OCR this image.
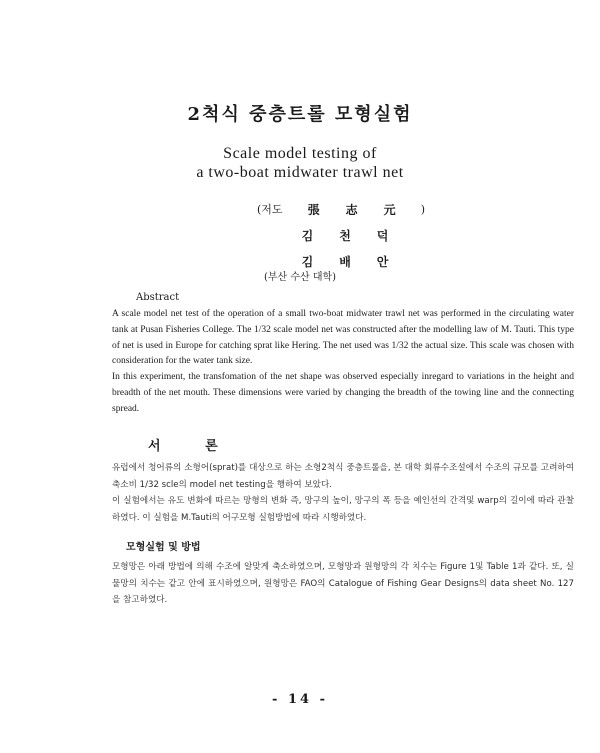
2척식 중층트롤 모형실험
Scale model testing of
a two-boat midwater trawl net
(저도 張 志 元 )
김 천 덕
김 배 안
(부산 수산 대학)
Abstract

A scale model net test of the operation of a small two-boat midwater trawl net was performed in the circulating water tank at Pusan Fisheries College. The 1/32 scale model net was constructed after the modelling law of M. Tauti. This type of net is used in Europe for catching sprat like Hering. The net used was 1/32 the actual size. This scale was chosen with consideration for the water tank size.

In this experiment, the transfomation of the net shape was observed especially inregard to variations in the height and breadth of the net mouth. These dimensions were varied by changing the breadth of the towing line and the connecting spread.

서 론

유럽에서 청어류의 소형어(sprat)를 대상으로 하는 소형2척식 중층트롤을, 본 대학 회류수조설에서 수조의 규모를 고려하여 축소비 1/32 scle의 model net testing을 행하여 보았다.

이 실험에서는 유도 변화에 따르는 망형의 변화 즉, 망구의 높이, 망구의 폭 등을 예인선의 간격및 warp의 길이에 따라 관찰하였다. 이 실험을 M.Tauti의 어구모형 실험방법에 따라 시행하였다.

모형실험 및 방법

모형망은 아래 방법에 의해 수조에 알맞게 축소하였으며, 모형망과 원형망의 각 치수는 Figure 1및 Table 1과 같다. 또, 실물망의 치수는 같고 안에 표시하였으며, 원형망은 FAO의 Catalogue of Fishing Gear Designs의 data sheet No. 127을 참고하였다.

- 14 -
